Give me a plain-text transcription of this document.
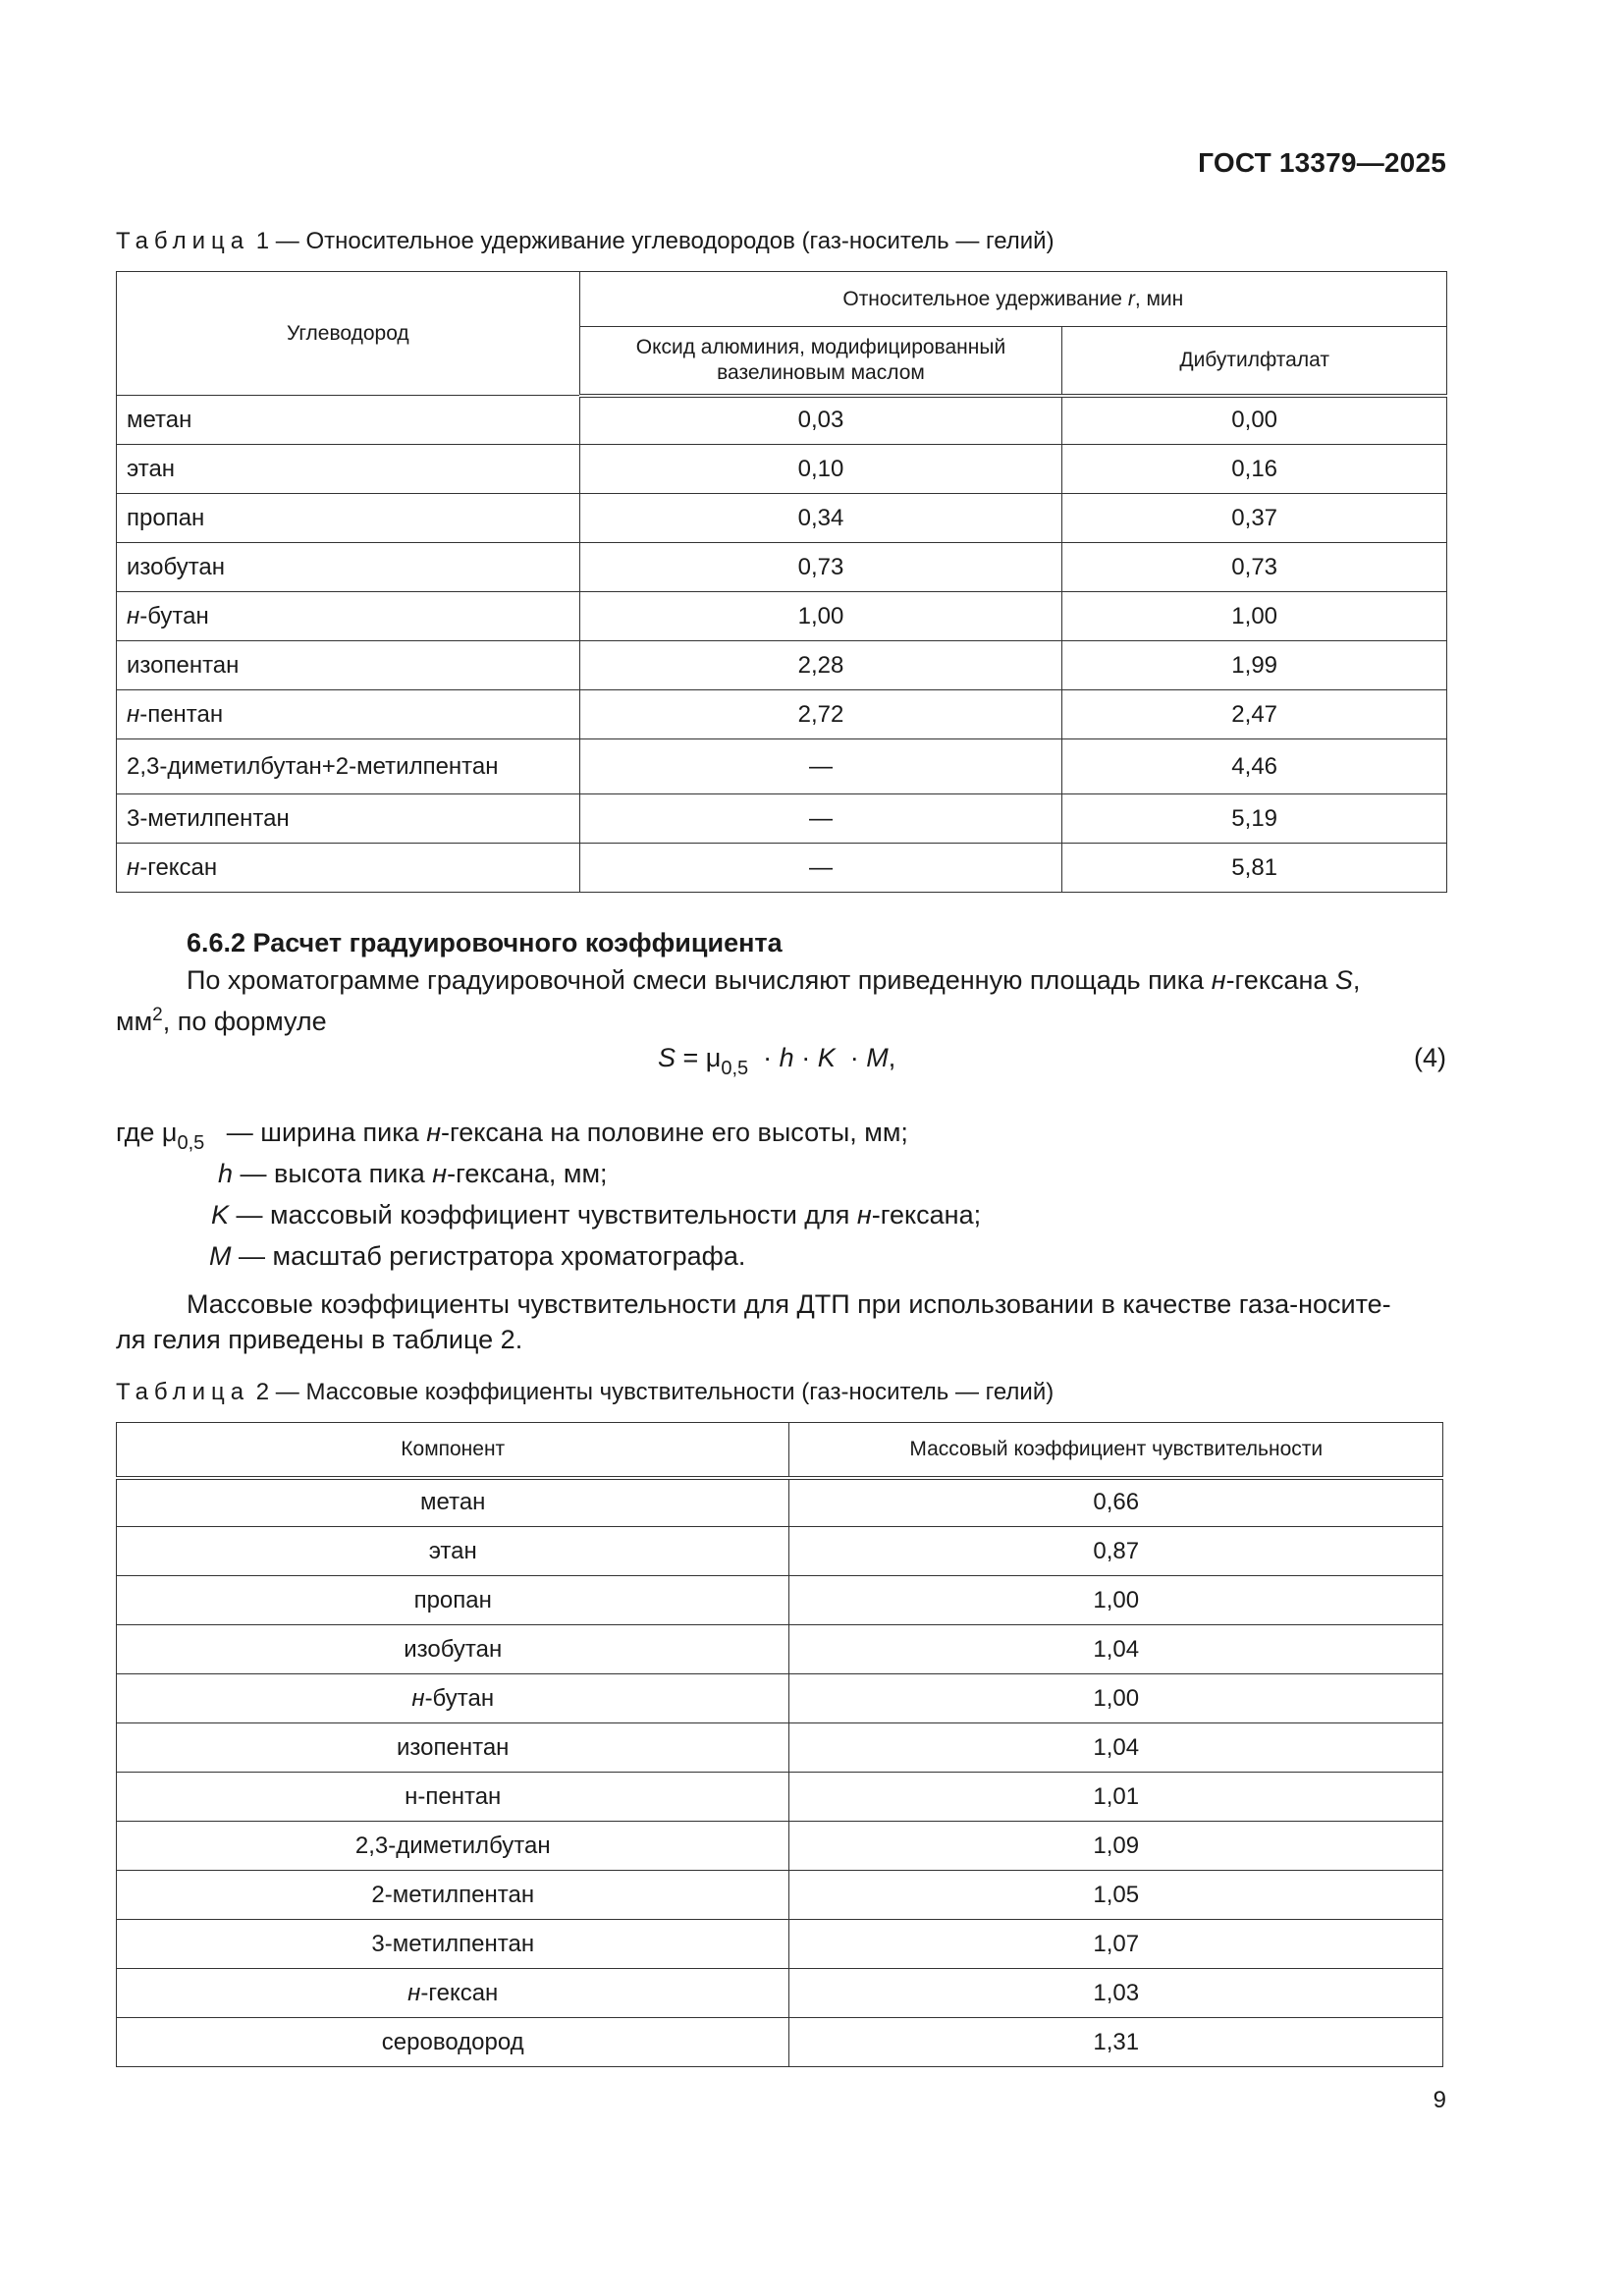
ГОСТ 13379—2025
Таблица 1 — Относительное удерживание углеводородов (газ-носитель — гелий)
Углеводород	Относительное удерживание r, мин	
	Оксид алюминия, модифицированный вазелиновым маслом	Дибутилфталат
метан	0,03	0,00
этан	0,10	0,16
пропан	0,34	0,37
изобутан	0,73	0,73
н-бутан	1,00	1,00
изопентан	2,28	1,99
н-пентан	2,72	2,47
2,3-диметилбутан+2-метилпентан	—	4,46
3-метилпентан	—	5,19
н-гексан	—	5,81
6.6.2 Расчет градуировочного коэффициента
По хроматограмме градуировочной смеси вычисляют приведенную площадь пика н-гексана S,
$мм^2$, по формуле
$S = \mu_{0,5} \cdot h \cdot K \cdot M$,	(4)
где $\mu_{0,5}$   — ширина пика н-гексана на половине его высоты, мм;
h — высота пика н-гексана, мм;
K — массовый коэффициент чувствительности для н-гексана;
M — масштаб регистратора хроматографа.
Массовые коэффициенты чувствительности для ДТП при использовании в качестве газа-носите-
ля гелия приведены в таблице 2.
Таблица 2 — Массовые коэффициенты чувствительности (газ-носитель — гелий)
Компонент	Массовый коэффициент чувствительности
метан	0,66
этан	0,87
пропан	1,00
изобутан	1,04
н-бутан	1,00
изопентан	1,04
н-пентан	1,01
2,3-диметилбутан	1,09
2-метилпентан	1,05
3-метилпентан	1,07
н-гексан	1,03
сероводород	1,31
9
